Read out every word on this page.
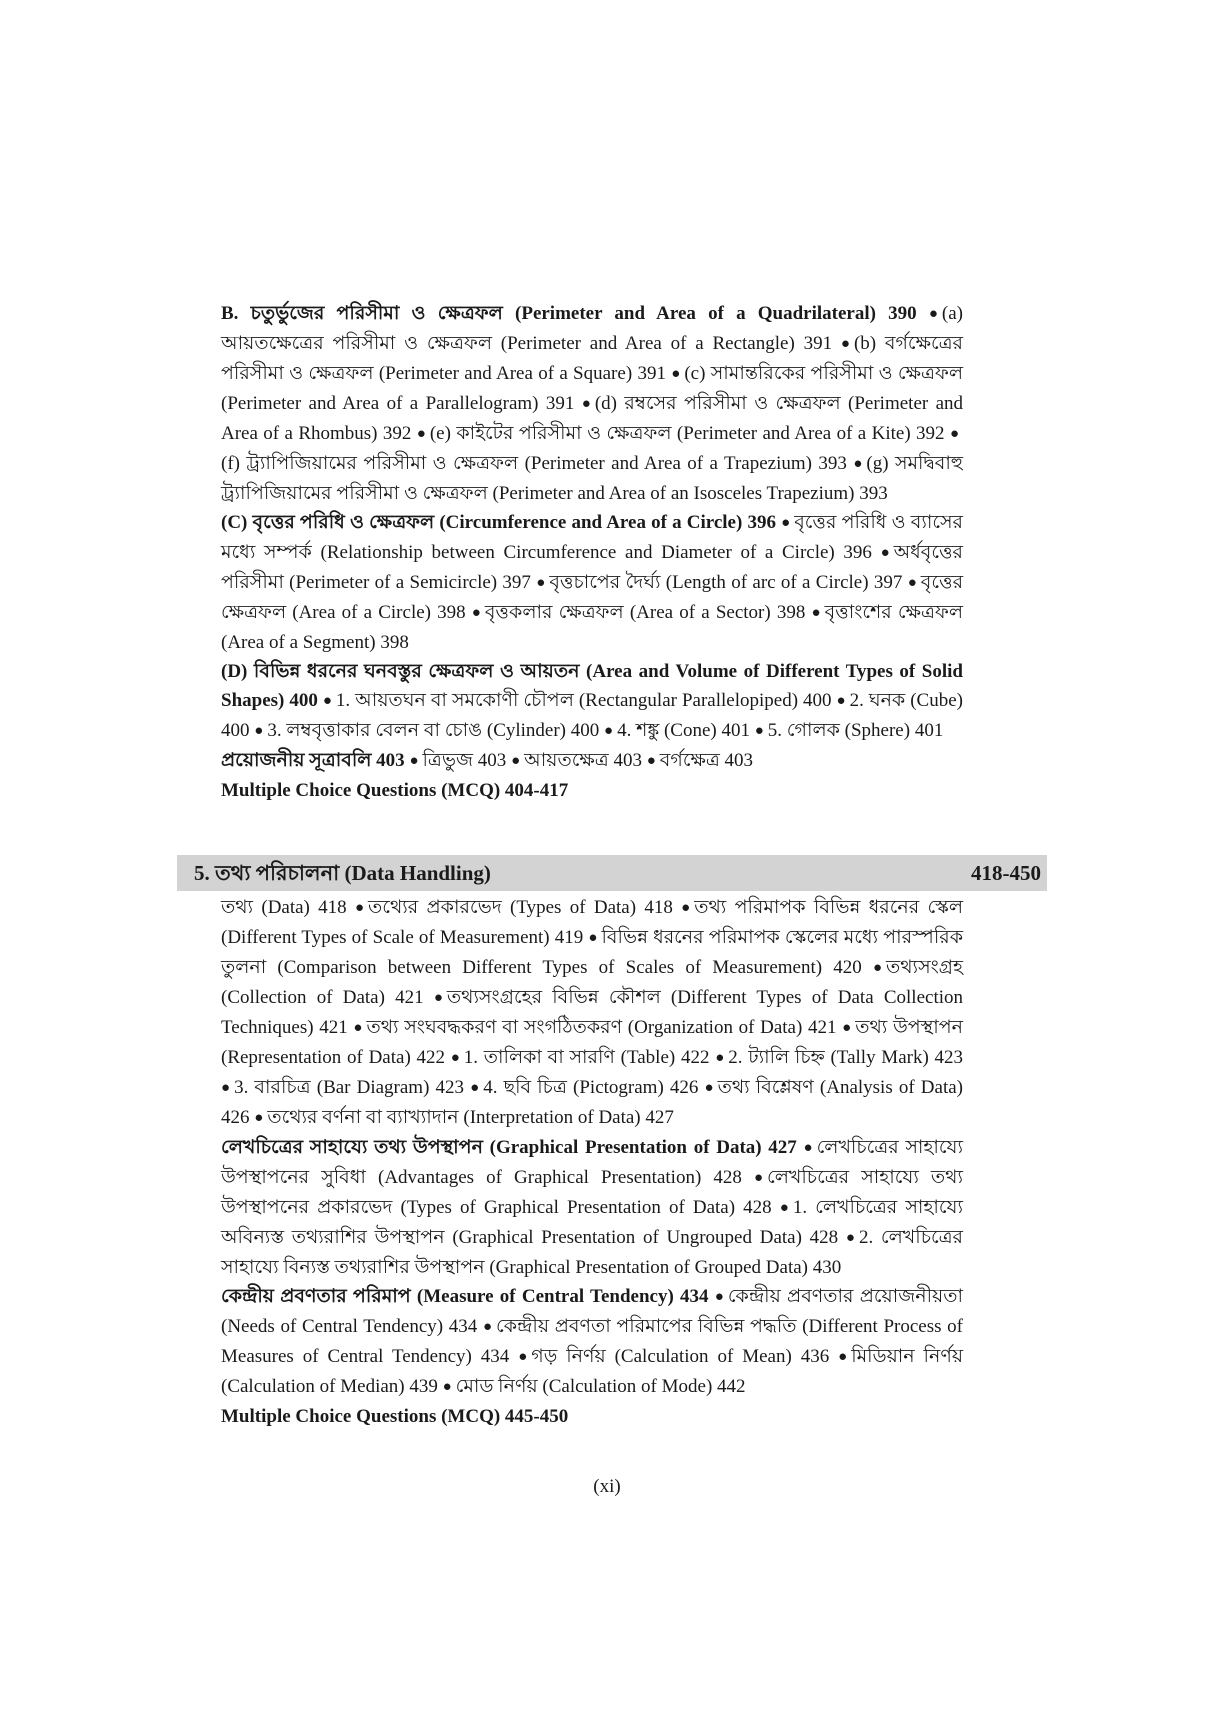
B. চতুর্ভুজের পরিসীমা ও ক্ষেত্রফল (Perimeter and Area of a Quadrilateral) 390 ● (a) আয়তক্ষেত্রের পরিসীমা ও ক্ষেত্রফল (Perimeter and Area of a Rectangle) 391 ● (b) বর্গক্ষেত্রের পরিসীমা ও ক্ষেত্রফল (Perimeter and Area of a Square) 391 ● (c) সামান্তরিকের পরিসীমা ও ক্ষেত্রফল (Perimeter and Area of a Parallelogram) 391 ● (d) রম্বসের পরিসীমা ও ক্ষেত্রফল (Perimeter and Area of a Rhombus) 392 ● (e) কাইটের পরিসীমা ও ক্ষেত্রফল (Perimeter and Area of a Kite) 392 ●(f) ট্র্যাপিজিয়ামের পরিসীমা ও ক্ষেত্রফল (Perimeter and Area of a Trapezium) 393 ● (g) সমদ্বিবাহু ট্র্যাপিজিয়ামের পরিসীমা ও ক্ষেত্রফল (Perimeter and Area of an Isosceles Trapezium) 393

(C) বৃত্তের পরিধি ও ক্ষেত্রফল (Circumference and Area of a Circle) 396 ● বৃত্তের পরিধি ও ব্যাসের মধ্যে সম্পর্ক (Relationship between Circumference and Diameter of a Circle) 396 ● অর্ধবৃত্তের পরিসীমা (Perimeter of a Semicircle) 397 ● বৃত্তচাপের দৈর্ঘ্য (Length of arc of a Circle) 397 ● বৃত্তের ক্ষেত্রফল (Area of a Circle) 398 ● বৃত্তকলার ক্ষেত্রফল (Area of a Sector) 398 ● বৃত্তাংশের ক্ষেত্রফল (Area of a Segment) 398

(D) বিভিন্ন ধরনের ঘনবস্তুর ক্ষেত্রফল ও আয়তন (Area and Volume of Different Types of Solid Shapes) 400 ● 1. আয়তঘন বা সমকোণী চৌপল (Rectangular Parallelopiped) 400 ● 2. ঘনক (Cube) 400 ● 3. লম্ববৃত্তাকার বেলন বা চোঙ (Cylinder) 400 ● 4. শঙ্কু (Cone) 401 ● 5. গোলক (Sphere) 401

প্রয়োজনীয় সূত্রাবলি 403 ● ত্রিভুজ 403 ● আয়তক্ষেত্র 403 ● বর্গক্ষেত্র 403

Multiple Choice Questions (MCQ) 404-417

5. তথ্য পরিচালনা (Data Handling)	418-450

তথ্য (Data) 418 ● তথ্যের প্রকারভেদ (Types of Data) 418 ● তথ্য পরিমাপক বিভিন্ন ধরনের স্কেল (Different Types of Scale of Measurement) 419 ● বিভিন্ন ধরনের পরিমাপক স্কেলের মধ্যে পারস্পরিক তুলনা (Comparison between Different Types of Scales of Measurement) 420 ● তথ্যসংগ্রহ (Collection of Data) 421 ● তথ্যসংগ্রহের বিভিন্ন কৌশল (Different Types of Data Collection Techniques) 421 ● তথ্য সংঘবদ্ধকরণ বা সংগঠিতকরণ (Organization of Data) 421 ● তথ্য উপস্থাপন (Representation of Data) 422 ● 1. তালিকা বা সারণি (Table) 422 ● 2. ট্যালি চিহ্ন (Tally Mark) 423 ● 3. বারচিত্র (Bar Diagram) 423 ● 4. ছবি চিত্র (Pictogram) 426 ● তথ্য বিশ্লেষণ (Analysis of Data) 426 ● তথ্যের বর্ণনা বা ব্যাখ্যাদান (Interpretation of Data) 427

লেখচিত্রের সাহায্যে তথ্য উপস্থাপন (Graphical Presentation of Data) 427 ● লেখচিত্রের সাহায্যে উপস্থাপনের সুবিধা (Advantages of Graphical Presentation) 428 ● লেখচিত্রের সাহায্যে তথ্য উপস্থাপনের প্রকারভেদ (Types of Graphical Presentation of Data) 428 ● 1. লেখচিত্রের সাহায্যে অবিন্যস্ত তথ্যরাশির উপস্থাপন (Graphical Presentation of Ungrouped Data) 428 ● 2. লেখচিত্রের সাহায্যে বিন্যস্ত তথ্যরাশির উপস্থাপন (Graphical Presentation of Grouped Data) 430

কেন্দ্রীয় প্রবণতার পরিমাপ (Measure of Central Tendency) 434 ● কেন্দ্রীয় প্রবণতার প্রয়োজনীয়তা (Needs of Central Tendency) 434 ● কেন্দ্রীয় প্রবণতা পরিমাপের বিভিন্ন পদ্ধতি (Different Process of Measures of Central Tendency) 434 ● গড় নির্ণয় (Calculation of Mean) 436 ● মিডিয়ান নির্ণয় (Calculation of Median) 439 ● মোড নির্ণয় (Calculation of Mode) 442

Multiple Choice Questions (MCQ) 445-450

(xi)
